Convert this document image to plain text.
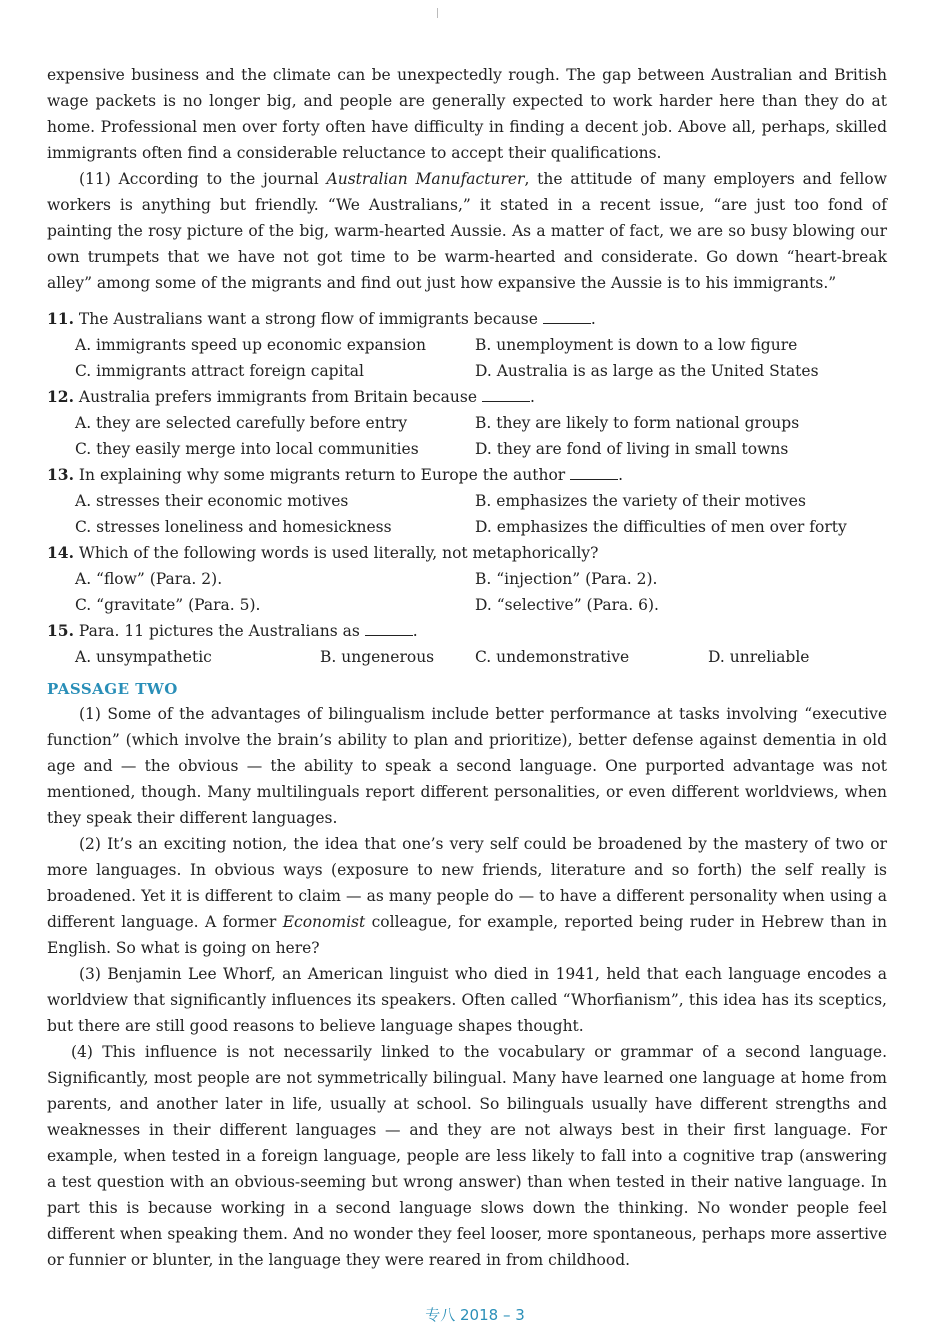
expensive business and the climate can be unexpectedly rough. The gap between Australian and British wage packets is no longer big, and people are generally expected to work harder here than they do at home. Professional men over forty often have difficulty in finding a decent job. Above all, perhaps, skilled immigrants often find a considerable reluctance to accept their qualifications.

(11) According to the journal Australian Manufacturer, the attitude of many employers and fellow workers is anything but friendly. “We Australians,” it stated in a recent issue, “are just too fond of painting the rosy picture of the big, warm-hearted Aussie. As a matter of fact, we are so busy blowing our own trumpets that we have not got time to be warm-hearted and considerate. Go down “heart-break alley” among some of the migrants and find out just how expansive the Aussie is to his immigrants.”

11. The Australians want a strong flow of immigrants because	.

A. immigrants speed up economic expansion	B. unemployment is down to a low figure
C. immigrants attract foreign capital	D. Australia is as large as the United States

12. Australia prefers immigrants from Britain because	.

A. they are selected carefully before entry	B. they are likely to form national groups
C. they easily merge into local communities	D. they are fond of living in small towns

13. In explaining why some migrants return to Europe the author	.

A. stresses their economic motives	B. emphasizes the variety of their motives
C. stresses loneliness and homesickness	D. emphasizes the difficulties of men over forty

14. Which of the following words is used literally, not metaphorically?

A. “flow” (Para. 2).	B. “injection” (Para. 2).
C. “gravitate” (Para. 5).	D. “selective” (Para. 6).

15. Para. 11 pictures the Australians as	.

A. unsympathetic	B. ungenerous	C. undemonstrative	D. unreliable
PASSAGE TWO

(1) Some of the advantages of bilingualism include better performance at tasks involving “executive function” (which involve the brain’s ability to plan and prioritize), better defense against dementia in old age and — the obvious — the ability to speak a second language. One purported advantage was not mentioned, though. Many multilinguals report different personalities, or even different worldviews, when they speak their different languages.

(2) It’s an exciting notion, the idea that one’s very self could be broadened by the mastery of two or more languages. In obvious ways (exposure to new friends, literature and so forth) the self really is broadened. Yet it is different to claim — as many people do — to have a different personality when using a different language. A former Economist colleague, for example, reported being ruder in Hebrew than in English. So what is going on here?

(3) Benjamin Lee Whorf, an American linguist who died in 1941, held that each language encodes a worldview that significantly influences its speakers. Often called “Whorfianism”, this idea has its sceptics, but there are still good reasons to believe language shapes thought.

(4) This influence is not necessarily linked to the vocabulary or grammar of a second language. Significantly, most people are not symmetrically bilingual. Many have learned one language at home from parents, and another later in life, usually at school. So bilinguals usually have different strengths and weaknesses in their different languages — and they are not always best in their first language. For example, when tested in a foreign language, people are less likely to fall into a cognitive trap (answering a test question with an obvious-seeming but wrong answer) than when tested in their native language. In part this is because working in a second language slows down the thinking. No wonder people feel different when speaking them. And no wonder they feel looser, more spontaneous, perhaps more assertive or funnier or blunter, in the language they were reared in from childhood.

专八 2018 – 3
